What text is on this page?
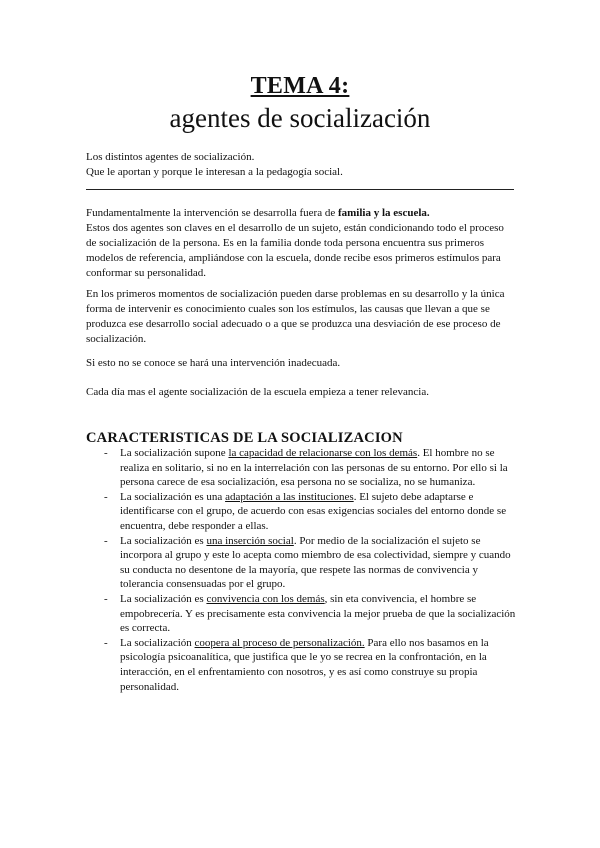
TEMA 4:
agentes de socialización

Los distintos agentes de socialización.

Que le aportan y porque le interesan a la pedagogía social.

Fundamentalmente la intervención se desarrolla fuera de familia y la escuela.

Estos dos agentes son claves en el desarrollo de un sujeto, están condicionando todo el proceso de socialización de la persona. Es en la familia donde toda persona encuentra sus primeros modelos de referencia, ampliándose con la escuela, donde recibe esos primeros estímulos para conformar su personalidad.

En los primeros momentos de socialización pueden darse problemas en su desarrollo y la única forma de intervenir es conocimiento cuales son los estímulos, las causas que llevan a que se produzca ese desarrollo social adecuado o a que se produzca una desviación de ese proceso de socialización.

Si esto no se conoce se hará una intervención inadecuada.

Cada día mas el agente socialización de la escuela empieza a tener relevancia.

CARACTERISTICAS DE LA SOCIALIZACION
- La socialización supone la capacidad de relacionarse con los demás. El hombre no se realiza en solitario, si no en la interrelación con las personas de su entorno. Por ello si la persona carece de esa socialización, esa persona no se socializa, no se humaniza.
- La socialización es una adaptación a las instituciones. El sujeto debe adaptarse e identificarse con el grupo, de acuerdo con esas exigencias sociales del entorno donde se encuentra, debe responder a ellas.
- La socialización es una inserción social. Por medio de la socialización el sujeto se incorpora al grupo y este lo acepta como miembro de esa colectividad, siempre y cuando su conducta no desentone de la mayoría, que respete las normas de convivencia y tolerancia consensuadas por el grupo.
- La socialización es convivencia con los demás, sin eta convivencia, el hombre se empobrecería. Y es precisamente esta convivencia la mejor prueba de que la socialización es correcta.
- La socialización coopera al proceso de personalización. Para ello nos basamos en la psicología psicoanalítica, que justifica que le yo se recrea en la confrontación, en la interacción, en el enfrentamiento con nosotros, y es así como construye su propia personalidad.
